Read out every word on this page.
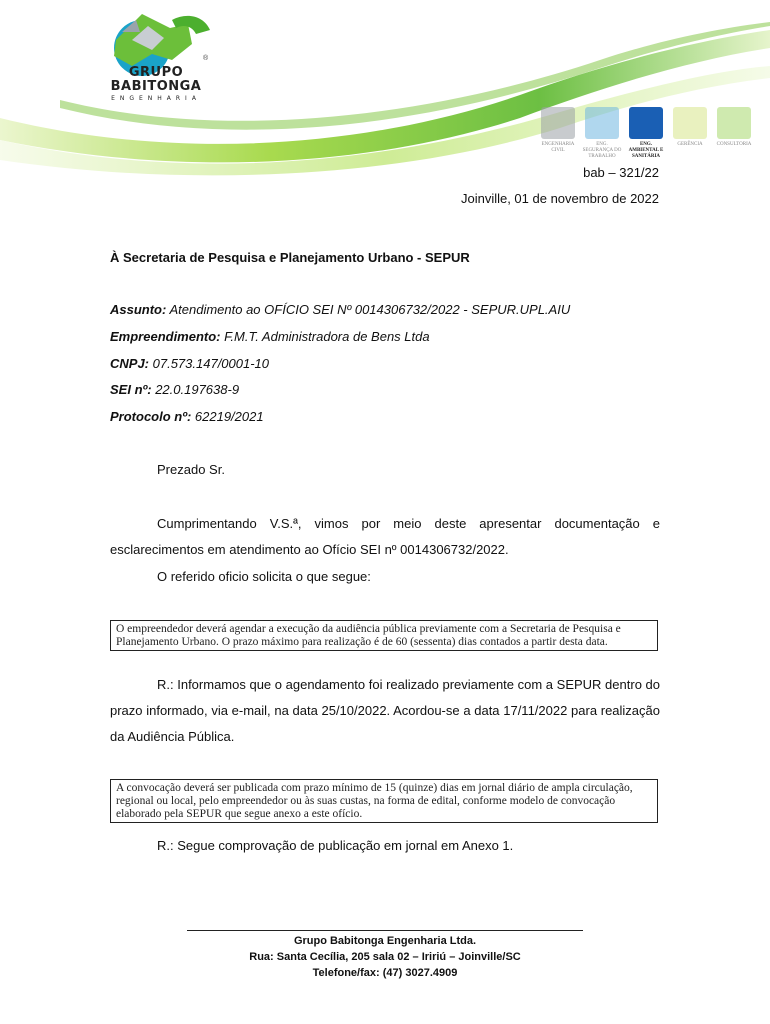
®
GRUPO
BABITONGA
ENGENHARIA
ENGENHARIA CIVIL
ENG. SEGURANÇA DO TRABALHO
ENG. AMBIENTAL E SANITÁRIA
GERÊNCIA	CONSULTORIA
bab – 321/22
Joinville, 01 de novembro de 2022
À Secretaria de Pesquisa e Planejamento Urbano - SEPUR
Assunto: Atendimento ao OFÍCIO SEI Nº 0014306732/2022 - SEPUR.UPL.AIU
Empreendimento: F.M.T. Administradora de Bens Ltda
CNPJ: 07.573.147/0001-10
SEI nº: 22.0.197638-9
Protocolo nº: 62219/2021
Prezado Sr.
Cumprimentando V.S.ª, vimos por meio deste apresentar documentação e esclarecimentos em atendimento ao Ofício SEI nº 0014306732/2022.
O referido oficio solicita o que segue:
O empreendedor deverá agendar a execução da audiência pública previamente com a Secretaria de Pesquisa e Planejamento Urbano. O prazo máximo para realização é de 60 (sessenta) dias contados a partir desta data.
R.: Informamos que o agendamento foi realizado previamente com a SEPUR dentro do prazo informado, via e-mail, na data 25/10/2022. Acordou-se a data 17/11/2022 para realização da Audiência Pública.
A convocação deverá ser publicada com prazo mínimo de 15 (quinze) dias em jornal diário de ampla circulação, regional ou local, pelo empreendedor ou às suas custas, na forma de edital, conforme modelo de convocação elaborado pela SEPUR que segue anexo a este ofício.
R.: Segue comprovação de publicação em jornal em Anexo 1.
Grupo Babitonga Engenharia Ltda.
Rua: Santa Cecília, 205 sala 02 – Iririú – Joinville/SC
Telefone/fax: (47) 3027.4909
